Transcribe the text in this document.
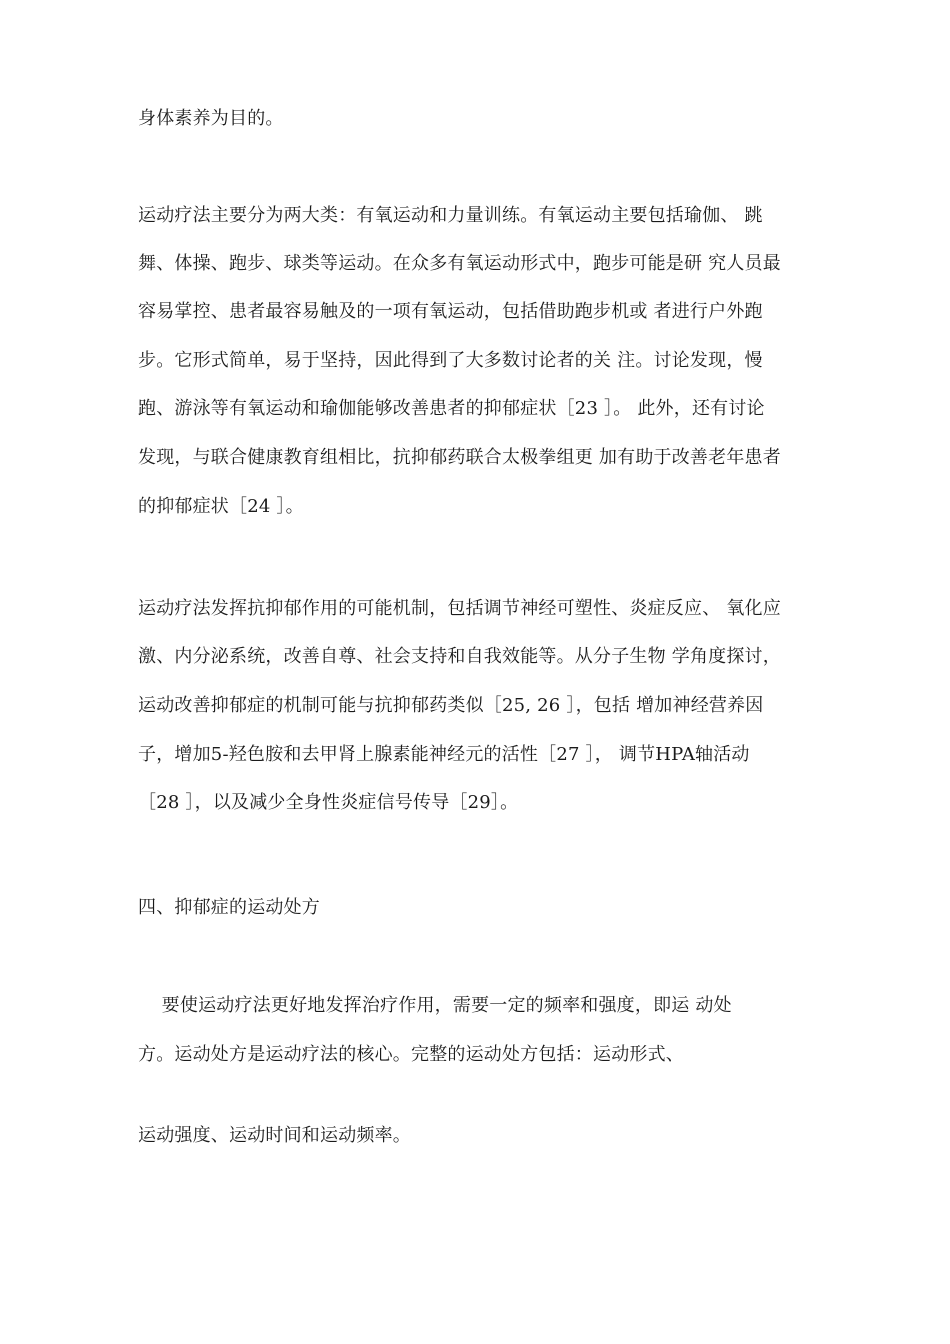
身体素养为目的。
运动疗法主要分为两大类：有氧运动和力量训练。有氧运动主要包括瑜伽、 跳
舞、体操、跑步、球类等运动。在众多有氧运动形式中，跑步可能是研 究人员最
容易掌控、患者最容易触及的一项有氧运动，包括借助跑步机或 者进行户外跑
步。它形式简单，易于坚持，因此得到了大多数讨论者的关 注。讨论发现，慢
跑、游泳等有氧运动和瑜伽能够改善患者的抑郁症状［23 ］。 此外，还有讨论
发现，与联合健康教育组相比，抗抑郁药联合太极拳组更 加有助于改善老年患者
的抑郁症状［24 ］。
运动疗法发挥抗抑郁作用的可能机制，包括调节神经可塑性、炎症反应、 氧化应
激、内分泌系统，改善自尊、社会支持和自我效能等。从分子生物 学角度探讨，
运动改善抑郁症的机制可能与抗抑郁药类似［25, 26 ］，包括 增加神经营养因
子，增加5-羟色胺和去甲肾上腺素能神经元的活性［27 ］， 调节HPA轴活动
［28 ］，以及减少全身性炎症信号传导［29］。
四、抑郁症的运动处方
要使运动疗法更好地发挥治疗作用，需要一定的频率和强度，即运 动处
方。运动处方是运动疗法的核心。完整的运动处方包括：运动形式、
运动强度、运动时间和运动频率。
